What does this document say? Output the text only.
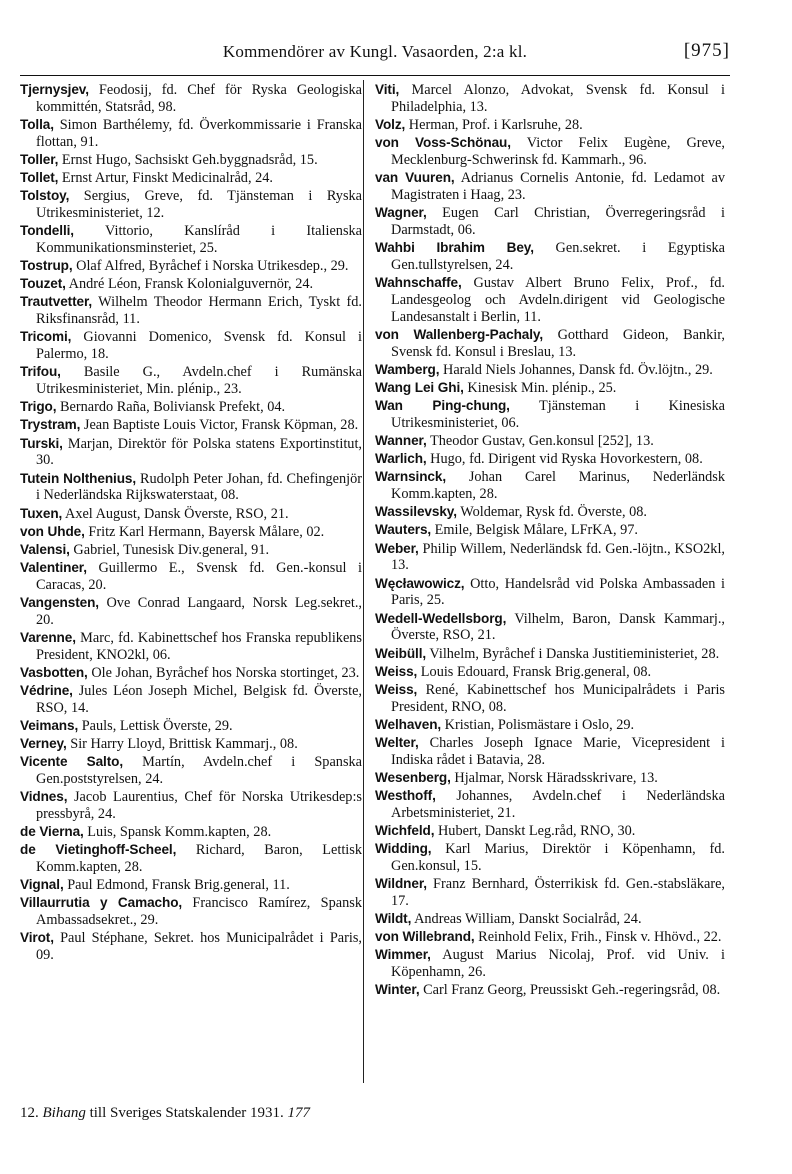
Kommendörer av Kungl. Vasaorden, 2:a kl.	[975]

Tjernysjev, Feodosij, fd. Chef för Ryska Geologiska kommittén, Statsråd, 98.

Tolla, Simon Barthélemy, fd. Överkommissarie i Franska flottan, 91.

Toller, Ernst Hugo, Sachsiskt Geh.byggnadsråd, 15.

Tollet, Ernst Artur, Finskt Medicinalråd, 24.

Tolstoy, Sergius, Greve, fd. Tjänsteman i Ryska Utrikesministeriet, 12.

Tondelli, Vittorio, Kanslíråd i Italienska Kommunikationsminsteriet, 25.

Tostrup, Olaf Alfred, Byråchef i Norska Utrikesdep., 29.

Touzet, André Léon, Fransk Kolonialguvernör, 24.

Trautvetter, Wilhelm Theodor Hermann Erich, Tyskt fd. Riksfinansråd, 11.

Tricomi, Giovanni Domenico, Svensk fd. Konsul i Palermo, 18.

Trifou, Basile G., Avdeln.chef i Rumänska Utrikesministeriet, Min. plénip., 23.

Trigo, Bernardo Raña, Boliviansk Prefekt, 04.

Trystram, Jean Baptiste Louis Victor, Fransk Köpman, 28.

Turski, Marjan, Direktör för Polska statens Exportinstitut, 30.

Tutein Nolthenius, Rudolph Peter Johan, fd. Chefingenjör i Nederländska Rijkswaterstaat, 08.

Tuxen, Axel August, Dansk Överste, RSO, 21.

von Uhde, Fritz Karl Hermann, Bayersk Målare, 02.

Valensi, Gabriel, Tunesisk Div.general, 91.

Valentiner, Guillermo E., Svensk fd. Gen.-konsul i Caracas, 20.

Vangensten, Ove Conrad Langaard, Norsk Leg.sekret., 20.

Varenne, Marc, fd. Kabinettschef hos Franska republikens President, KNO2kl, 06.

Vasbotten, Ole Johan, Byråchef hos Norska stortinget, 23.

Védrine, Jules Léon Joseph Michel, Belgisk fd. Överste, RSO, 14.

Veimans, Pauls, Lettisk Överste, 29.

Verney, Sir Harry Lloyd, Brittisk Kammarj., 08.

Vicente Salto, Martín, Avdeln.chef i Spanska Gen.poststyrelsen, 24.

Vidnes, Jacob Laurentius, Chef för Norska Utrikesdep:s pressbyrå, 24.

de Vierna, Luis, Spansk Komm.kapten, 28.

de Vietinghoff-Scheel, Richard, Baron, Lettisk Komm.kapten, 28.

Vignal, Paul Edmond, Fransk Brig.general, 11.

Villaurrutia y Camacho, Francisco Ramírez, Spansk Ambassadsekret., 29.

Virot, Paul Stéphane, Sekret. hos Municipalrådet i Paris, 09.

Viti, Marcel Alonzo, Advokat, Svensk fd. Konsul i Philadelphia, 13.

Volz, Herman, Prof. i Karlsruhe, 28.

von Voss-Schönau, Victor Felix Eugène, Greve, Mecklenburg-Schwerinsk fd. Kammarh., 96.

van Vuuren, Adrianus Cornelis Antonie, fd. Ledamot av Magistraten i Haag, 23.

Wagner, Eugen Carl Christian, Överregeringsråd i Darmstadt, 06.

Wahbi Ibrahim Bey, Gen.sekret. i Egyptiska Gen.tullstyrelsen, 24.

Wahnschaffe, Gustav Albert Bruno Felix, Prof., fd. Landesgeolog och Avdeln.dirigent vid Geologische Landesanstalt i Berlin, 11.

von Wallenberg-Pachaly, Gotthard Gideon, Bankir, Svensk fd. Konsul i Breslau, 13.

Wamberg, Harald Niels Johannes, Dansk fd. Öv.löjtn., 29.

Wang Lei Ghi, Kinesisk Min. plénip., 25.

Wan Ping-chung, Tjänsteman i Kinesiska Utrikesministeriet, 06.

Wanner, Theodor Gustav, Gen.konsul [252], 13.

Warlich, Hugo, fd. Dirigent vid Ryska Hovorkestern, 08.

Warnsinck, Johan Carel Marinus, Nederländsk Komm.kapten, 28.

Wassilevsky, Woldemar, Rysk fd. Överste, 08.

Wauters, Emile, Belgisk Målare, LFrKA, 97.

Weber, Philip Willem, Nederländsk fd. Gen.-löjtn., KSO2kl, 13.

Węcławowicz, Otto, Handelsråd vid Polska Ambassaden i Paris, 25.

Wedell-Wedellsborg, Vilhelm, Baron, Dansk Kammarj., Överste, RSO, 21.

Weibüll, Vilhelm, Byråchef i Danska Justitieministeriet, 28.

Weiss, Louis Edouard, Fransk Brig.general, 08.

Weiss, René, Kabinettschef hos Municipalrådets i Paris President, RNO, 08.

Welhaven, Kristian, Polismästare i Oslo, 29.

Welter, Charles Joseph Ignace Marie, Vicepresident i Indiska rådet i Batavia, 28.

Wesenberg, Hjalmar, Norsk Häradsskrivare, 13.

Westhoff, Johannes, Avdeln.chef i Nederländska Arbetsministeriet, 21.

Wichfeld, Hubert, Danskt Leg.råd, RNO, 30.

Widding, Karl Marius, Direktör i Köpenhamn, fd. Gen.konsul, 15.

Wildner, Franz Bernhard, Österrikisk fd. Gen.-stabsläkare, 17.

Wildt, Andreas William, Danskt Socialråd, 24.

von Willebrand, Reinhold Felix, Frih., Finsk v. Hhövd., 22.

Wimmer, August Marius Nicolaj, Prof. vid Univ. i Köpenhamn, 26.

Winter, Carl Franz Georg, Preussiskt Geh.-regeringsråd, 08.

12. Bihang till Sveriges Statskalender 1931. 177
